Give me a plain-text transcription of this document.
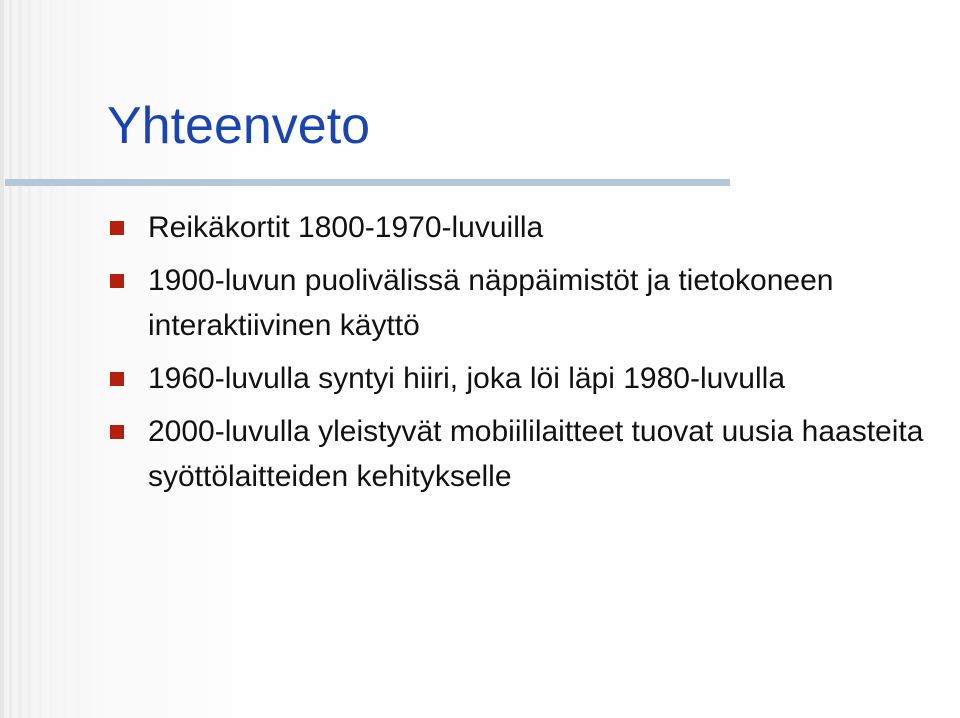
Yhteenveto
Reikäkortit 1800-1970-luvuilla
1900-luvun puolivälissä näppäimistöt ja tietokoneen interaktiivinen käyttö
1960-luvulla syntyi hiiri, joka löi läpi 1980-luvulla
2000-luvulla yleistyvät mobiililaitteet tuovat uusia haasteita syöttölaitteiden kehitykselle
